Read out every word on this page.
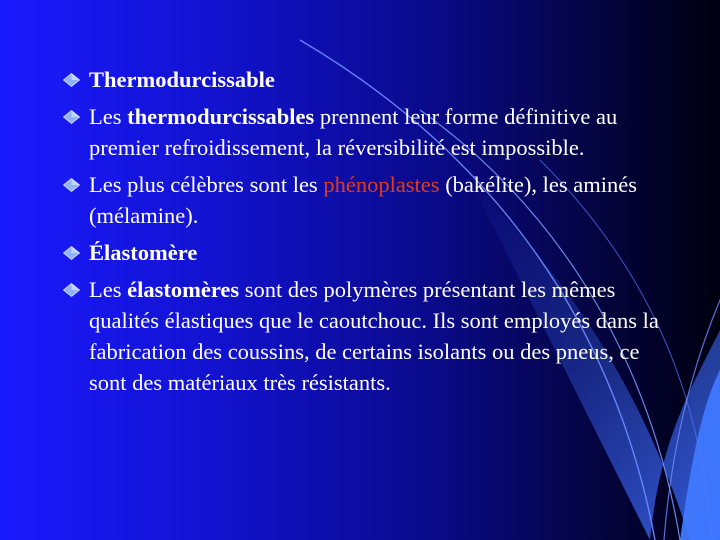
Thermodurcissable
Les thermodurcissables prennent leur forme définitive au premier refroidissement, la réversibilité est impossible.
Les plus célèbres sont les phénoplastes (bakélite), les aminés (mélamine).
Élastomère
Les élastomères sont des polymères présentant les mêmes qualités élastiques que le caoutchouc. Ils sont employés dans la fabrication des coussins, de certains isolants ou des pneus, ce sont des matériaux très résistants.
